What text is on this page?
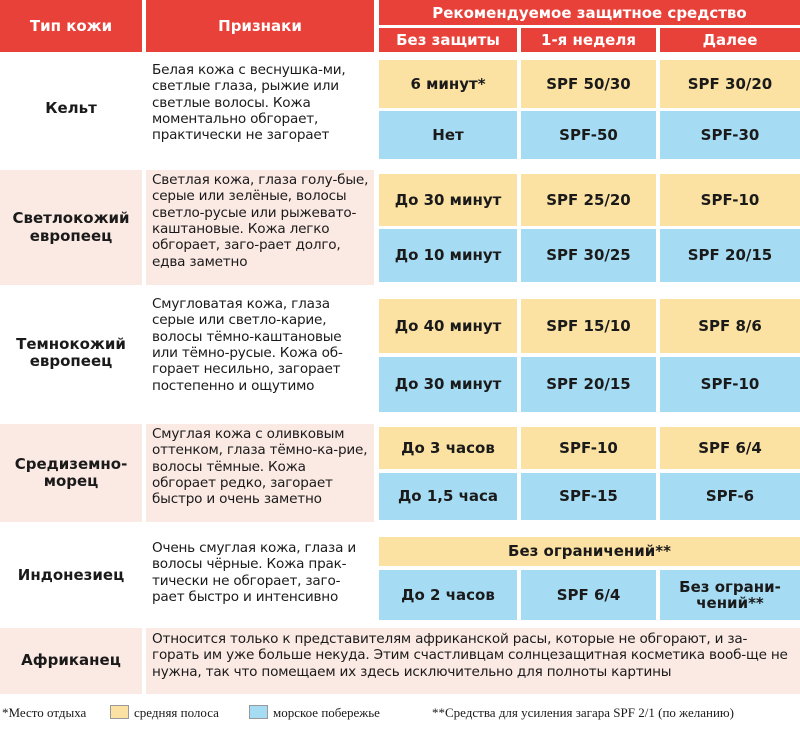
Тип кожи	Признаки
Рекомендуемое защитное средство
Без защиты	1-я неделя	Далее
Кельт
Белая кожа с веснушка-ми, светлые глаза, рыжие или светлые волосы. Кожа моментально обгорает, практически не загорает
6 минут*	SPF 50/30	SPF 30/20
Нет	SPF-50	SPF-30
Светлокожий европеец
Светлая кожа, глаза голу-бые, серые или зелёные, волосы светло-русые или рыжевато-каштановые. Кожа легко обгорает, заго-рает долго, едва заметно
До 30 минут	SPF 25/20	SPF-10
До 10 минут	SPF 30/25	SPF 20/15
Темнокожий европеец
Смугловатая кожа, глаза серые или светло-карие, волосы тёмно-каштановые или тёмно-русые. Кожа об-горает несильно, загорает постепенно и ощутимо
До 40 минут	SPF 15/10	SPF 8/6
До 30 минут	SPF 20/15	SPF-10
Средиземно-морец
Смуглая кожа с оливковым оттенком, глаза тёмно-ка-рие, волосы тёмные. Кожа обгорает редко, загорает быстро и очень заметно
До 3 часов	SPF-10	SPF 6/4
До 1,5 часа	SPF-15	SPF-6
Индонезиец
Очень смуглая кожа, глаза и волосы чёрные. Кожа прак-тически не обгорает, заго-рает быстро и интенсивно
Без ограничений**
До 2 часов	SPF 6/4	Без ограни-чений**
Африканец
Относится только к представителям африканской расы, которые не обгорают, и за-горать им уже больше некуда. Этим счастливцам солнцезащитная косметика вооб-ще не нужна, так что помещаем их здесь исключительно для полноты картины
*Место отдыха	средняя полоса	морское побережье	**Средства для усиления загара SPF 2/1 (по желанию)
